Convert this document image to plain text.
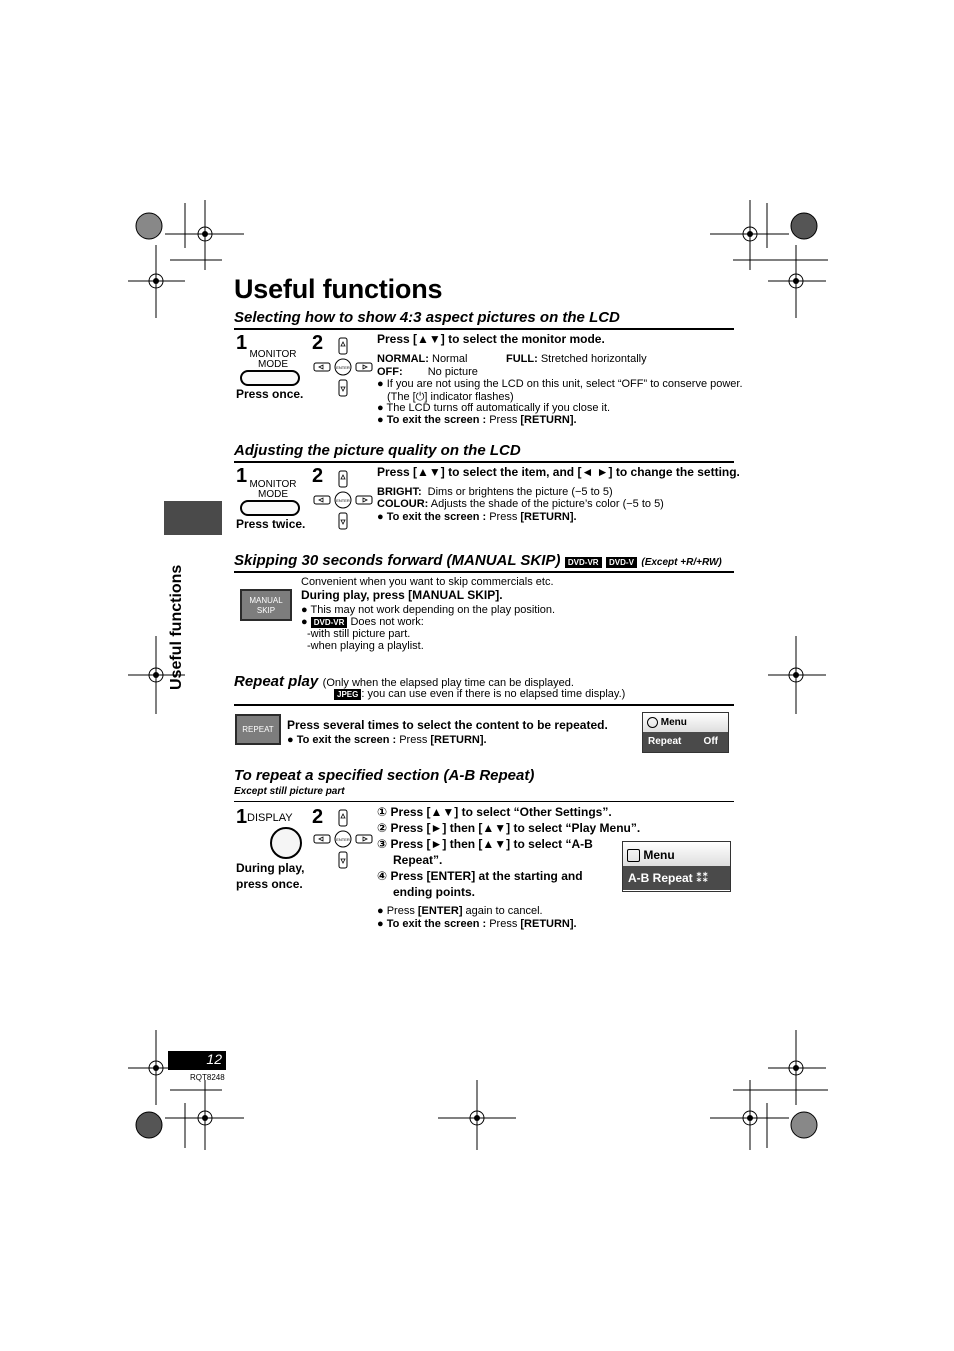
Useful functions
Useful functions
Selecting how to show 4:3 aspect pictures on the LCD
1
MONITOR
MODE
Press once.
2
ENTER
Press [▲▼] to select the monitor mode.
NORMAL: Normal	FULL: Stretched horizontally
OFF: No picture
● If you are not using the LCD on this unit, select “OFF” to conserve power.
(The [⏻] indicator flashes)
● The LCD turns off automatically if you close it.
● To exit the screen : Press [RETURN].
Adjusting the picture quality on the LCD
1 MONITOR
MODE
Press twice.
2
ENTER
Press [▲▼] to select the item, and [◄ ►] to change the setting.
BRIGHT: Dims or brightens the picture (−5 to 5)
COLOUR: Adjusts the shade of the picture’s color (−5 to 5)
● To exit the screen : Press [RETURN].
Skipping 30 seconds forward (MANUAL SKIP) DVD-VR DVD-V (Except +R/+RW)
MANUAL
SKIP
Convenient when you want to skip commercials etc.
During play, press [MANUAL SKIP].
● This may not work depending on the play position.
● DVD-VR Does not work:
-with still picture part.
-when playing a playlist.
Repeat play (Only when the elapsed play time can be displayed.
JPEG : you can use even if there is no elapsed time display.)
REPEAT	Press several times to select the content to be repeated.
● To exit the screen : Press [RETURN].
Menu
Repeat Off
To repeat a specified section (A-B Repeat)
Except still picture part
1 DISPLAY
During play,
press once.
2
ENTER
① Press [▲▼] to select “Other Settings”.
② Press [►] then [▲▼] to select “Play Menu”.
③ Press [►] then [▲▼] to select “A-B
Repeat”.
④ Press [ENTER] at the starting and
ending points.
Menu
A-B Repeat ⁑⁑
● Press [ENTER] again to cancel.
● To exit the screen : Press [RETURN].
12
RQT8248
